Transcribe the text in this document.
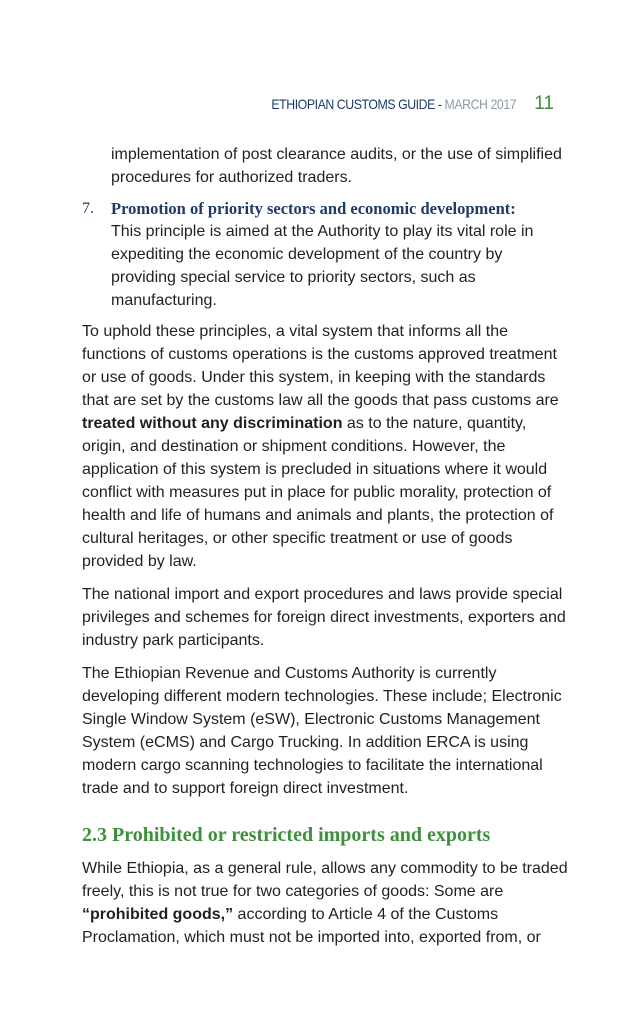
ETHIOPIAN CUSTOMS GUIDE - MARCH 2017 11

implementation of post clearance audits, or the use of simplified procedures for authorized traders.

7. Promotion of priority sectors and economic development:
This principle is aimed at the Authority to play its vital role in expediting the economic development of the country by providing special service to priority sectors, such as manufacturing.

To uphold these principles, a vital system that informs all the functions of customs operations is the customs approved treatment or use of goods. Under this system, in keeping with the standards that are set by the customs law all the goods that pass customs are treated without any discrimination as to the nature, quantity, origin, and destination or shipment conditions. However, the application of this system is precluded in situations where it would conflict with measures put in place for public morality, protection of health and life of humans and animals and plants, the protection of cultural heritages, or other specific treatment or use of goods provided by law.

The national import and export procedures and laws provide special privileges and schemes for foreign direct investments, exporters and industry park participants.

The Ethiopian Revenue and Customs Authority is currently developing different modern technologies. These include; Electronic Single Window System (eSW), Electronic Customs Management System (eCMS) and Cargo Trucking. In addition ERCA is using modern cargo scanning technologies to facilitate the international trade and to support foreign direct investment.

2.3 Prohibited or restricted imports and exports

While Ethiopia, as a general rule, allows any commodity to be traded freely, this is not true for two categories of goods: Some are “prohibited goods,” according to Article 4 of the Customs Proclamation, which must not be imported into, exported from, or
